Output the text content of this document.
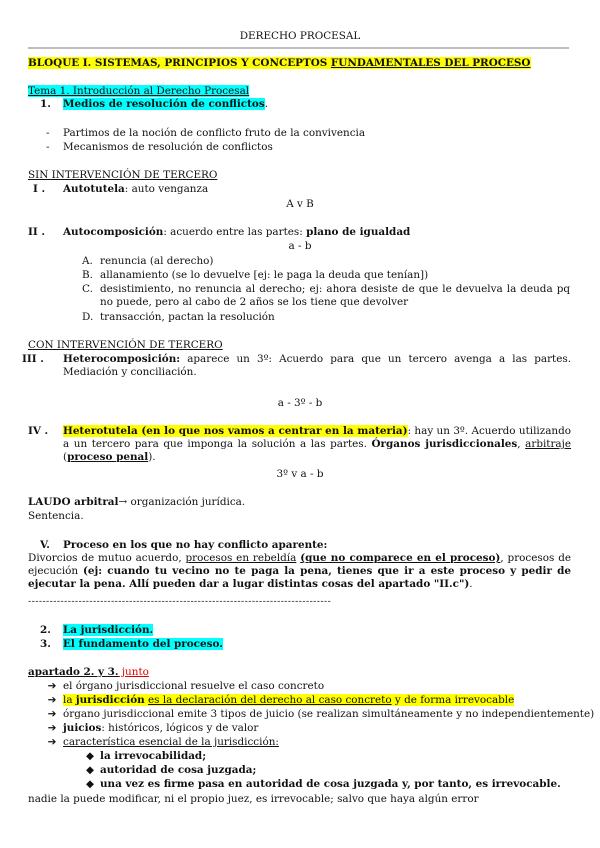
DERECHO PROCESAL
BLOQUE I. SISTEMAS, PRINCIPIOS Y CONCEPTOS FUNDAMENTALES DEL PROCESO
Tema 1. Introducción al Derecho Procesal
1. Medios de resolución de conflictos.
- Partimos de la noción de conflicto fruto de la convivencia
- Mecanismos de resolución de conflictos
SIN INTERVENCIÓN DE TERCERO
I . Autotutela: auto venganza
A v B
II . Autocomposición: acuerdo entre las partes: plano de igualdad
a - b
A. renuncia (al derecho)
B. allanamiento (se lo devuelve [ej: le paga la deuda que tenían])
C. desistimiento, no renuncia al derecho; ej: ahora desiste de que le devuelva la deuda pq no puede, pero al cabo de 2 años se los tiene que devolver
D. transacción, pactan la resolución
CON INTERVENCIÓN DE TERCERO
III . Heterocomposición: aparece un 3º: Acuerdo para que un tercero avenga a las partes. Mediación y conciliación.
a - 3º - b
IV . Heterotutela (en lo que nos vamos a centrar en la materia): hay un 3º. Acuerdo utilizando a un tercero para que imponga la solución a las partes. Órganos jurisdiccionales, arbitraje (proceso penal).
3º v a - b
LAUDO arbitral→ organización jurídica.
Sentencia.
V. Proceso en los que no hay conflicto aparente:
Divorcios de mutuo acuerdo, procesos en rebeldía (que no comparece en el proceso), procesos de ejecución (ej: cuando tu vecino no te paga la pena, tienes que ir a este proceso y pedir de ejecutar la pena. Allí pueden dar a lugar distintas cosas del apartado "II.c").
------------------------------------------------------------------------------------
2. La jurisdicción.
3. El fundamento del proceso.
apartado 2. y 3. junto
➔ el órgano jurisdiccional resuelve el caso concreto
➔ la jurisdicción es la declaración del derecho al caso concreto y de forma irrevocable
➔ órgano jurisdiccional emite 3 tipos de juicio (se realizan simultáneamente y no independientemente)
➔ juicios: históricos, lógicos y de valor
➔ característica esencial de la jurisdicción:
◆ la irrevocabilidad;
◆ autoridad de cosa juzgada;
◆ una vez es firme pasa en autoridad de cosa juzgada y, por tanto, es irrevocable.
nadie la puede modificar, ni el propio juez, es irrevocable; salvo que haya algún error
